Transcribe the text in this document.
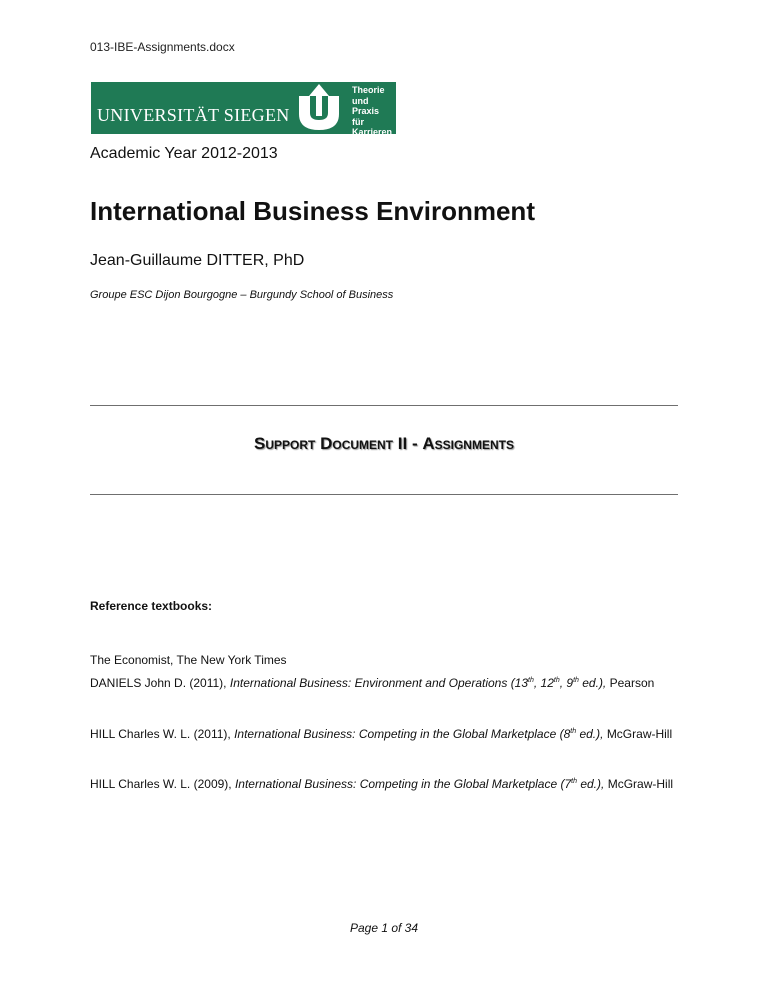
013-IBE-Assignments.docx
UNIVERSITÄT SIEGEN
Theorie
und Praxis
für Karrieren
von morgen
Academic Year 2012-2013
International Business Environment
Jean-Guillaume DITTER, PhD
Groupe ESC Dijon Bourgogne – Burgundy School of Business
Support Document II - Assignments
Reference textbooks:
The Economist, The New York Times
DANIELS John D. (2011), International Business: Environment and Operations (13th, 12th, 9th ed.), Pearson
HILL Charles W. L. (2011), International Business: Competing in the Global Marketplace (8th ed.), McGraw-Hill
HILL Charles W. L. (2009), International Business: Competing in the Global Marketplace (7th ed.), McGraw-Hill
Page 1 of 34
